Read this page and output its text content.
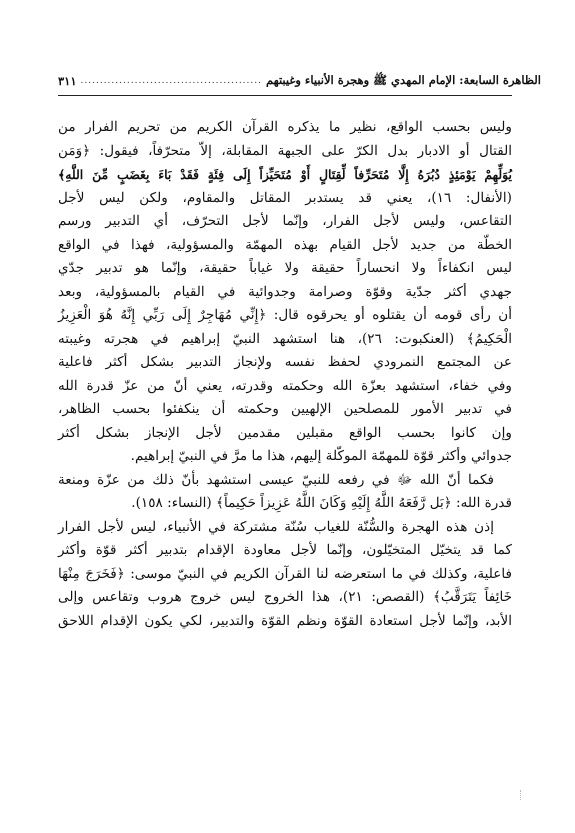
٣١١ ............................................... الظاهرة السابعة: الإمام المهدي ﷺ وهجرة الأنبياء وغيبتهم

وليس بحسب الواقع، نظير ما يذكره القرآن الكريم من تحريم الفرار من

القتال أو الادبار بدل الكرّ على الجبهة المقابلة، إلاّ متحرّفاً، فيقول: ﴿وَمَن

يُوَلِّهِمْ يَوْمَئِذٍ دُبُرَهُ إِلَّا مُتَحَرِّفاً لِّقِتَالٍ أَوْ مُتَحَيِّزاً إِلَى فِئَةٍ فَقَدْ بَاءَ بِغَضَبٍ مِّنَ اللَّهِ﴾

(الأنفال: ١٦)، يعني قد يستدبر المقاتل والمقاوم، ولكن ليس لأجل

التقاعس، وليس لأجل الفرار، وإنّما لأجل التحرّف، أي التدبير ورسم

الخطّة من جديد لأجل القيام بهذه المهمّة والمسؤولية، فهذا في الواقع

ليس انكفاءاً ولا انحساراً حقيقة ولا غياباً حقيقة، وإنّما هو تدبير جدّي

جهدي أكثر جدّية وقوّة وصرامة وجدوائية في القيام بالمسؤولية، وبعد

أن رأى قومه أن يقتلوه أو يحرقوه قال: ﴿إِنِّي مُهَاجِرٌ إِلَى رَبِّي إِنَّهُ هُوَ الْعَزِيزُ

الْحَكِيمُ﴾ (العنكبوت: ٢٦)، هنا استشهد النبيّ إبراهيم في هجرته وغيبته

عن المجتمع النمرودي لحفظ نفسه ولإنجاز التدبير بشكل أكثر فاعلية

وفي خفاء، استشهد بعزّة الله وحكمته وقدرته، يعني أنّ من عزّ قدرة الله

في تدبير الأمور للمصلحين الإلهيين وحكمته أن ينكفئوا بحسب الظاهر،

وإن كانوا بحسب الواقع مقبلين مقدمين لأجل الإنجاز بشكل أكثر

جدوائي وأكثر قوّة للمهمّة الموكّلة إليهم، هذا ما مرَّ في النبيّ إبراهيم.

فكما أنّ الله ﷻ في رفعه للنبيّ عيسى استشهد بأنّ ذلك من عزّة ومنعة

قدرة الله: ﴿بَل رَّفَعَهُ اللَّهُ إِلَيْهِ وَكَانَ اللَّهُ عَزِيزاً حَكِيماً﴾ (النساء: ١٥٨).

إذن هذه الهجرة والسُّنّة للغياب سُنّة مشتركة في الأنبياء، ليس لأجل الفرار

كما قد يتخيّل المتخيّلون، وإنّما لأجل معاودة الإقدام بتدبير أكثر قوّة وأكثر

فاعلية، وكذلك في ما استعرضه لنا القرآن الكريم في النبيّ موسى: ﴿فَخَرَجَ مِنْهَا

خَائِفاً يَتَرَقَّبُ﴾ (القصص: ٢١)، هذا الخروج ليس خروج هروب وتقاعس وإلى

الأبد، وإنّما لأجل استعادة القوّة ونظم القوّة والتدبير، لكي يكون الإقدام اللاحق
